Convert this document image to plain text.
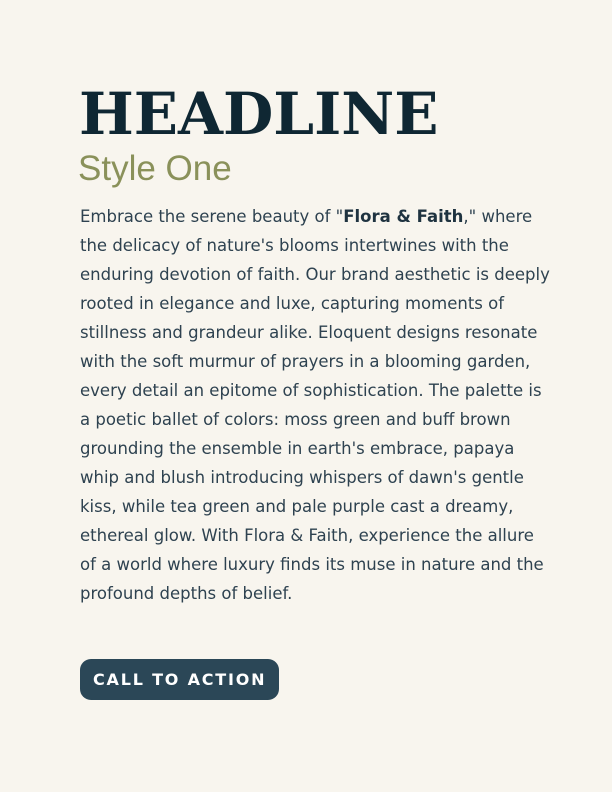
HEADLINE
Style One

Embrace the serene beauty of "Flora & Faith," where the delicacy of nature's blooms intertwines with the enduring devotion of faith. Our brand aesthetic is deeply rooted in elegance and luxe, capturing moments of stillness and grandeur alike. Eloquent designs resonate with the soft murmur of prayers in a blooming garden, every detail an epitome of sophistication. The palette is a poetic ballet of colors: moss green and buff brown grounding the ensemble in earth's embrace, papaya whip and blush introducing whispers of dawn's gentle kiss, while tea green and pale purple cast a dreamy, ethereal glow. With Flora & Faith, experience the allure of a world where luxury finds its muse in nature and the profound depths of belief.

CALL TO ACTION
